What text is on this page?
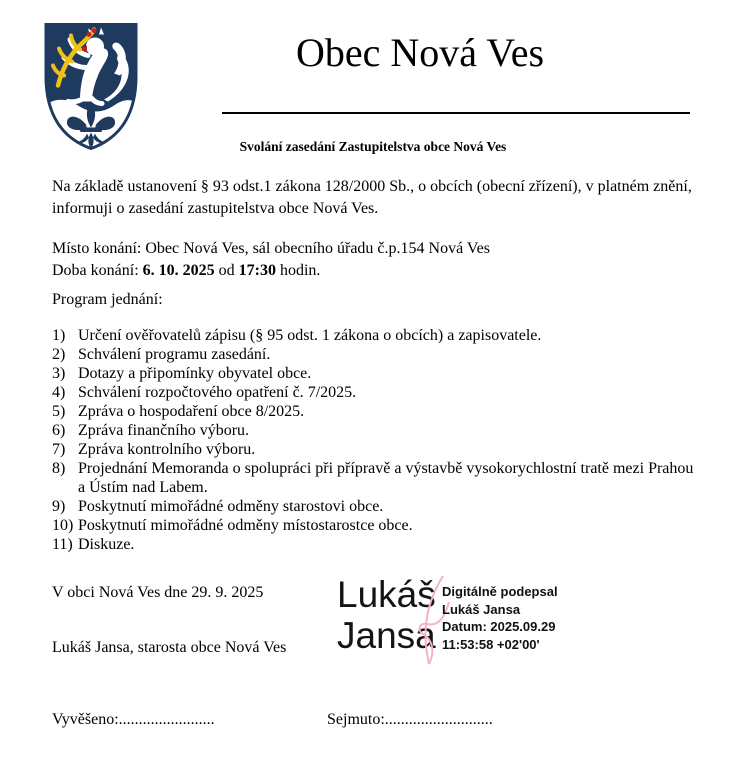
Obec Nová Ves
Svolání zasedání Zastupitelstva obce Nová Ves
Na základě ustanovení § 93 odst.1 zákona 128/2000 Sb., o obcích (obecní zřízení), v platném znění, informuji o zasedání zastupitelstva obce Nová Ves.
Místo konání: Obec Nová Ves, sál obecního úřadu č.p.154 Nová Ves
Doba konání: 6. 10. 2025 od 17:30 hodin.
Program jednání:
1) Určení ověřovatelů zápisu (§ 95 odst. 1 zákona o obcích) a zapisovatele.
2) Schválení programu zasedání.
3) Dotazy a připomínky obyvatel obce.
4) Schválení rozpočtového opatření č. 7/2025.
5) Zpráva o hospodaření obce 8/2025.
6) Zpráva finančního výboru.
7) Zpráva kontrolního výboru.
8) Projednání Memoranda o spolupráci při přípravě a výstavbě vysokorychlostní tratě mezi Prahou a Ústím nad Labem.
9) Poskytnutí mimořádné odměny starostovi obce.
10) Poskytnutí mimořádné odměny místostarostce obce.
11) Diskuze.
V obci Nová Ves dne 29. 9. 2025
Lukáš Jansa, starosta obce Nová Ves
Lukáš
Jansa
Digitálně podepsal
Lukáš Jansa
Datum: 2025.09.29
11:53:58 +02'00'
Vyvěšeno:........................	Sejmuto:...........................
